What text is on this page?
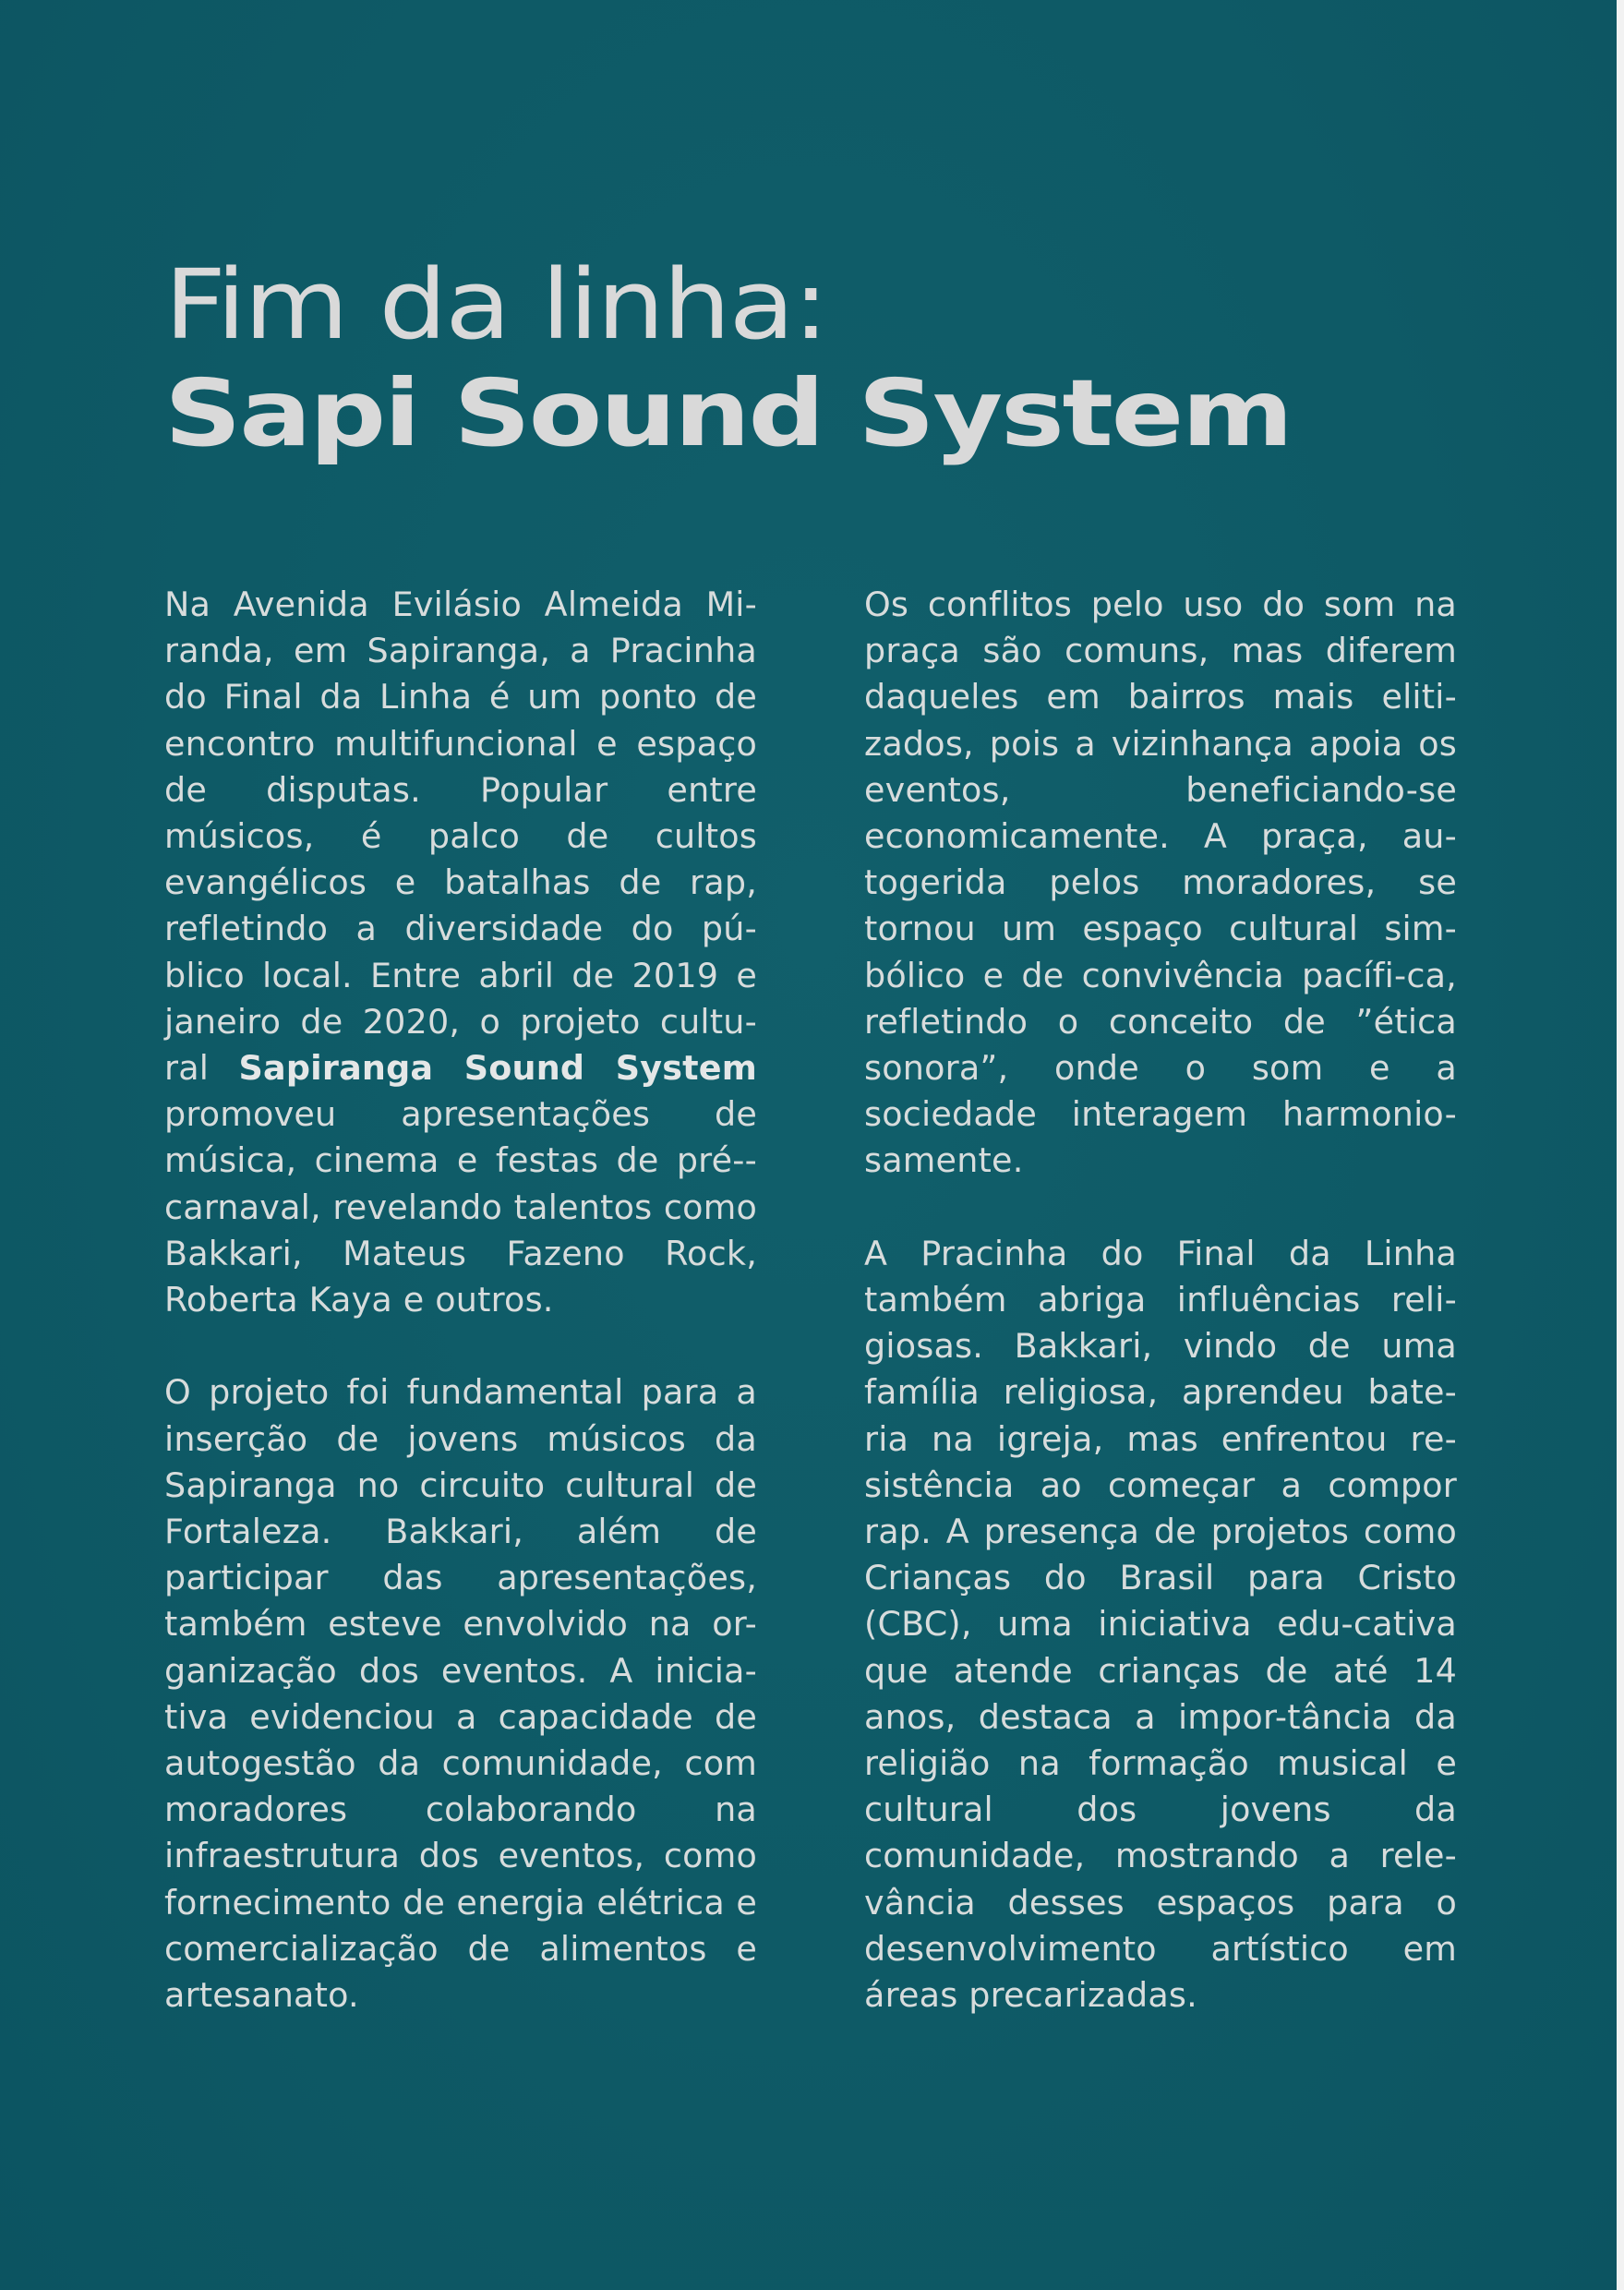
Fim da linha:
Sapi Sound System

Na Avenida Evilásio Almeida Mi-randa, em Sapiranga, a Pracinha do Final da Linha é um ponto de encontro multifuncional e espaço de disputas. Popular entre músicos, é palco de cultos evangélicos e batalhas de rap, refletindo a diversidade do pú-blico local. Entre abril de 2019 e janeiro de 2020, o projeto cultu-ral Sapiranga Sound System promoveu apresentações de música, cinema e festas de pré--carnaval, revelando talentos como Bakkari, Mateus Fazeno Rock, Roberta Kaya e outros.

O projeto foi fundamental para a inserção de jovens músicos da Sapiranga no circuito cultural de Fortaleza. Bakkari, além de participar das apresentações, também esteve envolvido na or-ganização dos eventos. A inicia-tiva evidenciou a capacidade de autogestão da comunidade, com moradores colaborando na infraestrutura dos eventos, como fornecimento de energia elétrica e comercialização de alimentos e artesanato.

Os conflitos pelo uso do som na praça são comuns, mas diferem daqueles em bairros mais eliti-zados, pois a vizinhança apoia os eventos, beneficiando-se economicamente. A praça, au-togerida pelos moradores, se tornou um espaço cultural sim-bólico e de convivência pacífi-ca, refletindo o conceito de ”ética sonora”, onde o som e a sociedade interagem harmonio-samente.

A Pracinha do Final da Linha também abriga influências reli-giosas. Bakkari, vindo de uma família religiosa, aprendeu bate-ria na igreja, mas enfrentou re-sistência ao começar a compor rap. A presença de projetos como Crianças do Brasil para Cristo (CBC), uma iniciativa edu-cativa que atende crianças de até 14 anos, destaca a impor-tância da religião na formação musical e cultural dos jovens da comunidade, mostrando a rele-vância desses espaços para o desenvolvimento artístico em áreas precarizadas.
